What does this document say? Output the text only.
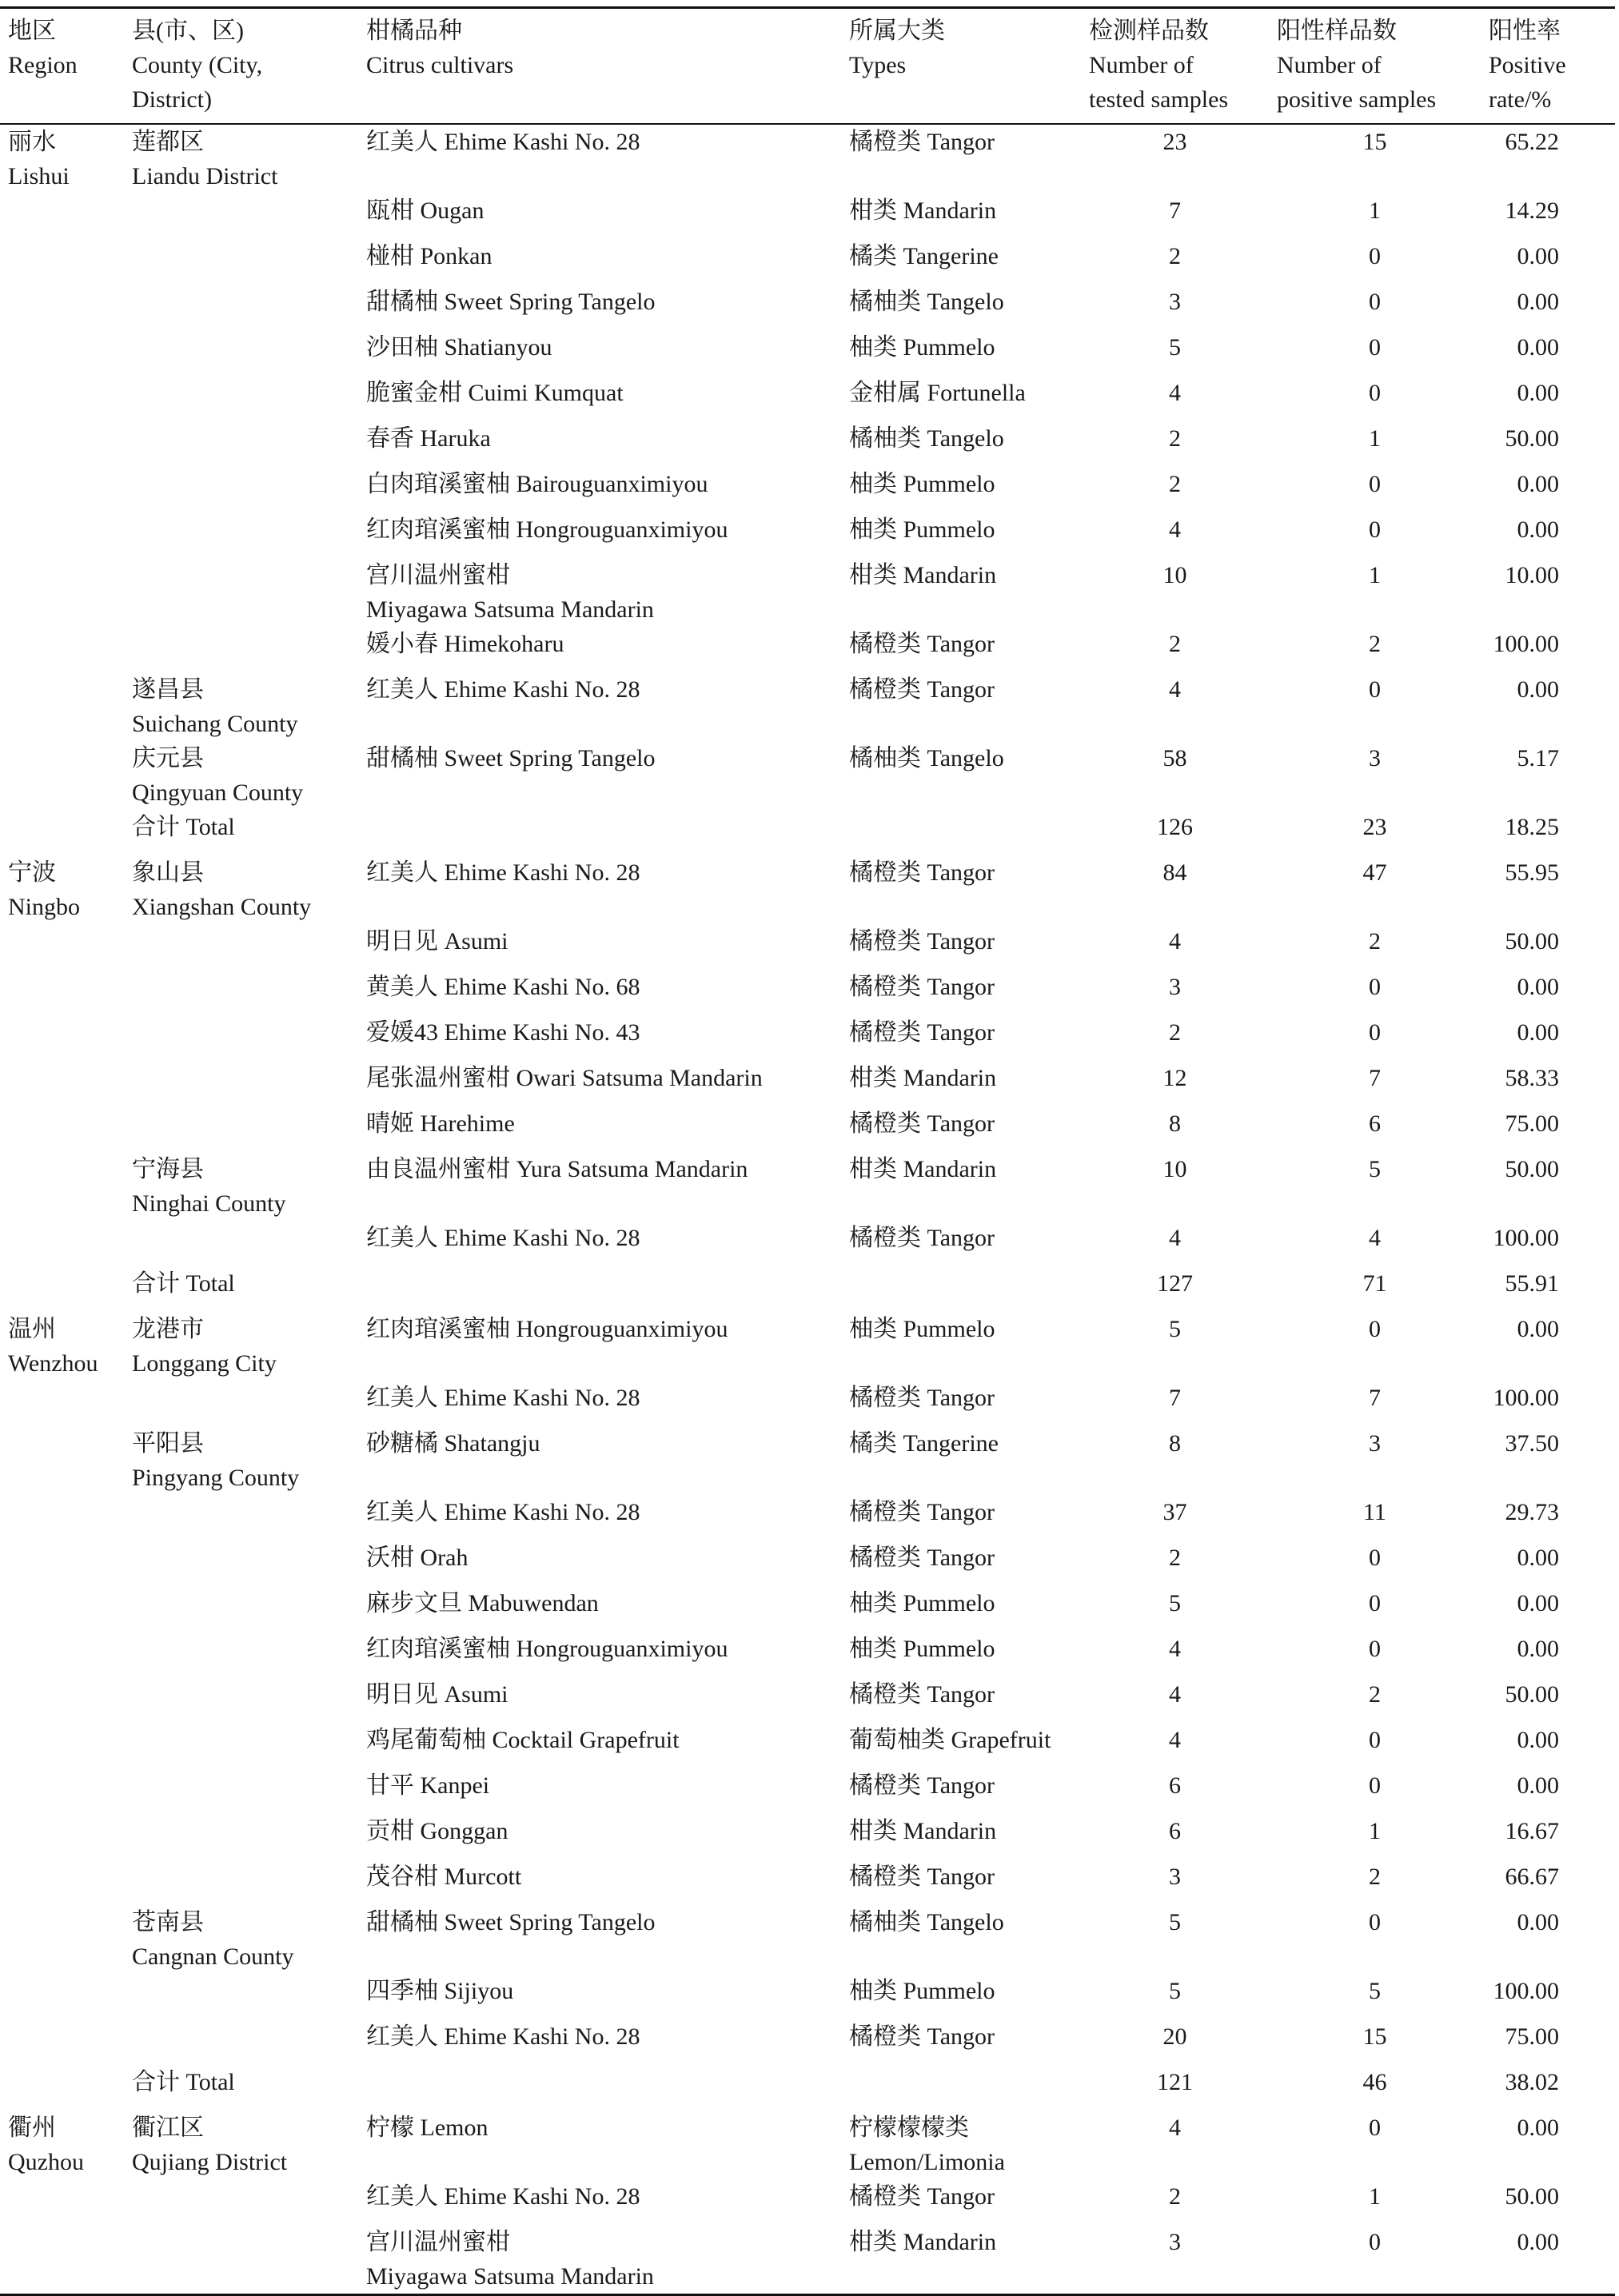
地区
Region	县(市、区)
County (City,
District)	柑橘品种
Citrus cultivars	所属大类
Types	检测样品数
Number of
tested samples	阳性样品数
Number of
positive samples	阳性率
Positive
rate/%

丽水
Lishui	莲都区
Liandu District	红美人 Ehime Kashi No. 28	橘橙类 Tangor	23	15	65.22

		瓯柑 Ougan	柑类 Mandarin	7	1	14.29

		椪柑 Ponkan	橘类 Tangerine	2	0	0.00

		甜橘柚 Sweet Spring Tangelo	橘柚类 Tangelo	3	0	0.00

		沙田柚 Shatianyou	柚类 Pummelo	5	0	0.00

		脆蜜金柑 Cuimi Kumquat	金柑属 Fortunella	4	0	0.00

		春香 Haruka	橘柚类 Tangelo	2	1	50.00

		白肉琯溪蜜柚 Bairouguanximiyou	柚类 Pummelo	2	0	0.00

		红肉琯溪蜜柚 Hongrouguanximiyou	柚类 Pummelo	4	0	0.00

		宫川温州蜜柑
Miyagawa Satsuma Mandarin	柑类 Mandarin	10	1	10.00

		媛小春 Himekoharu	橘橙类 Tangor	2	2	100.00

	遂昌县
Suichang County	红美人 Ehime Kashi No. 28	橘橙类 Tangor	4	0	0.00

	庆元县
Qingyuan County	甜橘柚 Sweet Spring Tangelo	橘柚类 Tangelo	58	3	5.17

	合计 Total			126	23	18.25

宁波
Ningbo	象山县
Xiangshan County	红美人 Ehime Kashi No. 28	橘橙类 Tangor	84	47	55.95

		明日见 Asumi	橘橙类 Tangor	4	2	50.00

		黄美人 Ehime Kashi No. 68	橘橙类 Tangor	3	0	0.00

		爱媛43 Ehime Kashi No. 43	橘橙类 Tangor	2	0	0.00

		尾张温州蜜柑 Owari Satsuma Mandarin	柑类 Mandarin	12	7	58.33

		晴姬 Harehime	橘橙类 Tangor	8	6	75.00

	宁海县
Ninghai County	由良温州蜜柑 Yura Satsuma Mandarin	柑类 Mandarin	10	5	50.00

		红美人 Ehime Kashi No. 28	橘橙类 Tangor	4	4	100.00

	合计 Total			127	71	55.91

温州
Wenzhou	龙港市
Longgang City	红肉琯溪蜜柚 Hongrouguanximiyou	柚类 Pummelo	5	0	0.00

		红美人 Ehime Kashi No. 28	橘橙类 Tangor	7	7	100.00

	平阳县
Pingyang County	砂糖橘 Shatangju	橘类 Tangerine	8	3	37.50

		红美人 Ehime Kashi No. 28	橘橙类 Tangor	37	11	29.73

		沃柑 Orah	橘橙类 Tangor	2	0	0.00

		麻步文旦 Mabuwendan	柚类 Pummelo	5	0	0.00

		红肉琯溪蜜柚 Hongrouguanximiyou	柚类 Pummelo	4	0	0.00

		明日见 Asumi	橘橙类 Tangor	4	2	50.00

		鸡尾葡萄柚 Cocktail Grapefruit	葡萄柚类 Grapefruit	4	0	0.00

		甘平 Kanpei	橘橙类 Tangor	6	0	0.00

		贡柑 Gonggan	柑类 Mandarin	6	1	16.67

		茂谷柑 Murcott	橘橙类 Tangor	3	2	66.67

	苍南县
Cangnan County	甜橘柚 Sweet Spring Tangelo	橘柚类 Tangelo	5	0	0.00

		四季柚 Sijiyou	柚类 Pummelo	5	5	100.00

		红美人 Ehime Kashi No. 28	橘橙类 Tangor	20	15	75.00

	合计 Total			121	46	38.02

衢州
Quzhou	衢江区
Qujiang District	柠檬 Lemon	柠檬檬檬类
Lemon/Limonia	4	0	0.00

		红美人 Ehime Kashi No. 28	橘橙类 Tangor	2	1	50.00

		宫川温州蜜柑
Miyagawa Satsuma Mandarin	柑类 Mandarin	3	0	0.00
